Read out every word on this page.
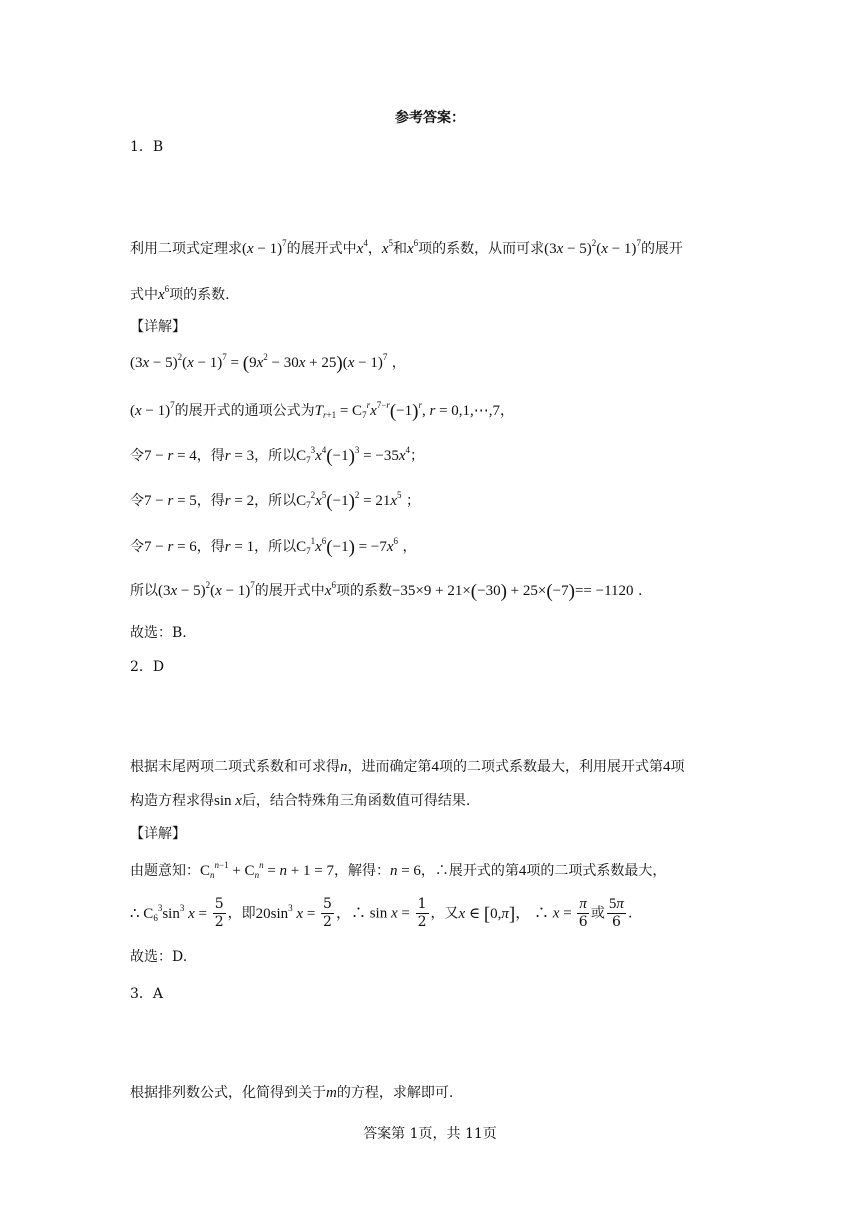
参考答案：
1．B
利用二项式定理求$(x - 1)^7$的展开式中$x^4$，$x^5$和$x^6$项的系数，从而可求$(3x - 5)^2(x - 1)^7$的展开
式中$x^6$项的系数.
【详解】
$(3x - 5)^2(x - 1)^7 = (9x^2 - 30x + 25)(x - 1)^7$ ，
$(x - 1)^7$的展开式的通项公式为$T_{r+1} = C_7^rx^{7-r}(-1)^r$, r = 0,1,⋯,7，
令7 − r = 4，得r = 3，所以$C_7^3x^4(-1)^3 = -35x^4$；
令7 − r = 5，得r = 2，所以$C_7^2x^5(-1)^2 = 21x^5$ ；
令7 − r = 6，得r = 1，所以$C_7^1x^6(-1) = -7x^6$ ，
所以$(3x - 5)^2(x - 1)^7$的展开式中$x^6$项的系数−35×9 + 21×(−30) + 25×(−7)== −1120 .
故选：B.
2．D
根据末尾两项二项式系数和可求得n，进而确定第4项的二项式系数最大，利用展开式第4项
构造方程求得sin x后，结合特殊角三角函数值可得结果.
【详解】
由题意知：$C_n^{n-1} + C_n^n = n + 1 = 7$，解得：n = 6，∴展开式的第4项的二项式系数最大，
∴ $C_6^3\sin^3$ $x = \frac{5}{2}$ ，即$20\sin^3$ $x = \frac{5}{2}$ ，∴ $\sin x = \frac{1}{2}$ ，又x ∈ [0,π]， ∴ $x = \frac{\pi}{6}$ 或 $\frac{5\pi}{6}$ .
故选：D.
3．A
根据排列数公式，化简得到关于m的方程，求解即可.
答案第 1页，共 11页
